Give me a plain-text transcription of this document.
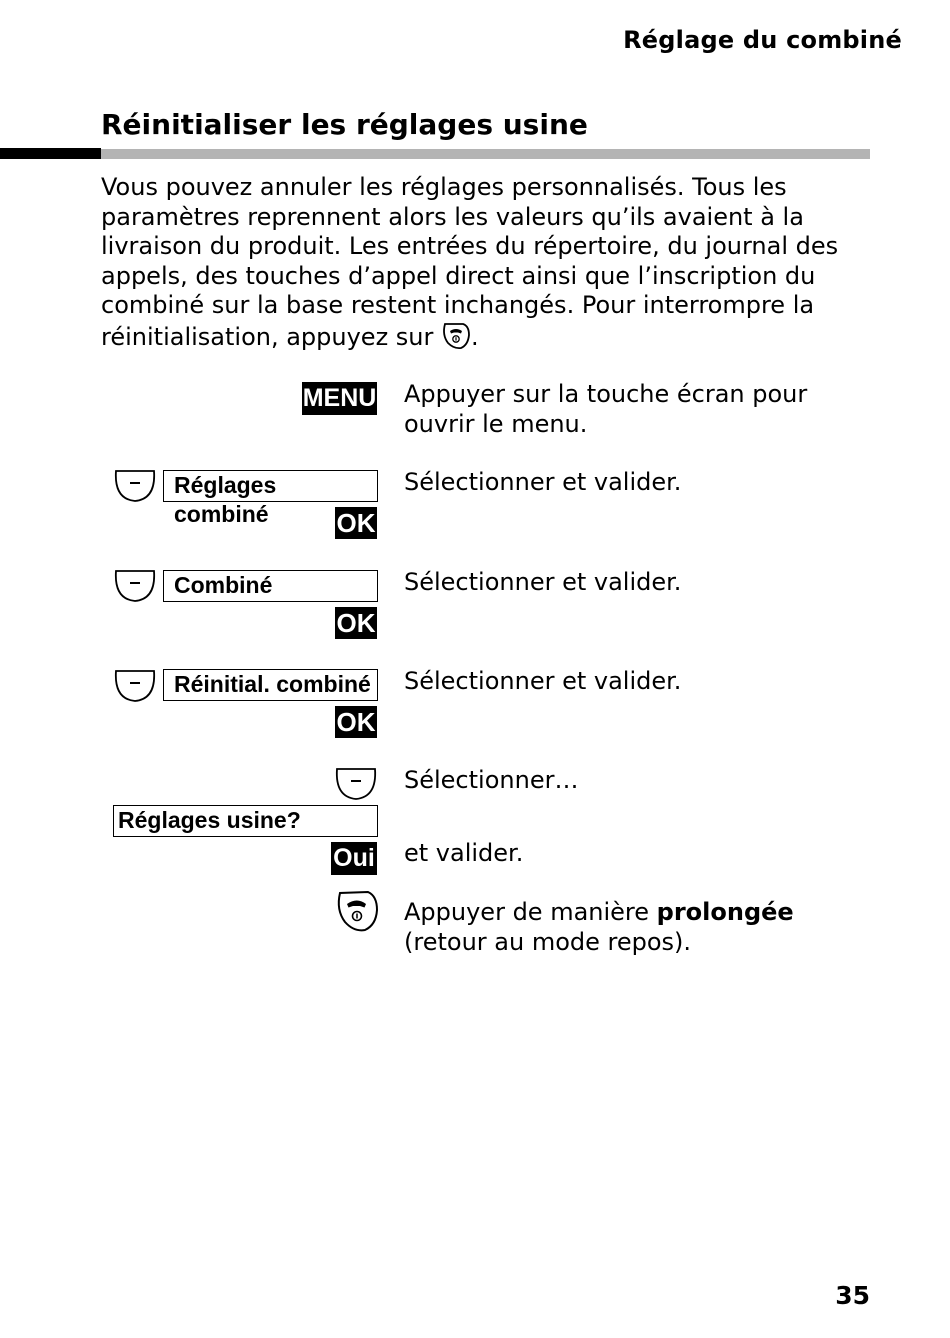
Réglage du combiné
Réinitialiser les réglages usine
Vous pouvez annuler les réglages personnalisés. Tous les paramètres reprennent alors les valeurs qu’ils avaient à la livraison du produit. Les entrées du répertoire, du journal des appels, des touches d’appel direct ainsi que l’inscription du combiné sur la base restent inchangés. Pour interrompre la réinitialisation, appuyez sur .
MENU Appuyer sur la touche écran pour ouvrir le menu.
Réglages combiné	OK
Sélectionner et valider.
Combiné
OK
Sélectionner et valider.
Réinitial. combiné
OK
Sélectionner et valider.
Sélectionner…
Réglages usine?
Oui et valider.
Appuyer de manière prolongée (retour au mode repos).
35
